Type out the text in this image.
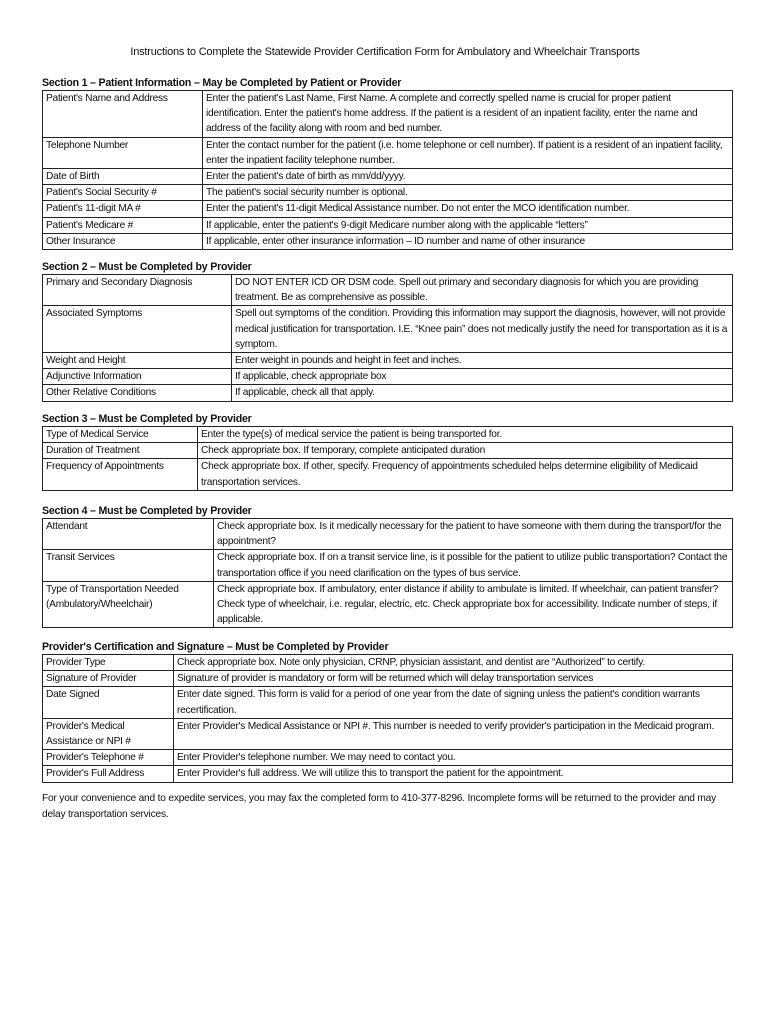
Instructions to Complete the Statewide Provider Certification Form for Ambulatory and Wheelchair Transports
Section 1 – Patient Information – May be Completed by Patient or Provider
Patient's Name and Address	Enter the patient's Last Name, First Name. A complete and correctly spelled name is crucial for proper patient identification. Enter the patient's home address. If the patient is a resident of an inpatient facility, enter the name and address of the facility along with room and bed number.
Telephone Number	Enter the contact number for the patient (i.e. home telephone or cell number). If patient is a resident of an inpatient facility, enter the inpatient facility telephone number.
Date of Birth	Enter the patient's date of birth as mm/dd/yyyy.
Patient's Social Security #	The patient's social security number is optional.
Patient's 11-digit MA #	Enter the patient's 11-digit Medical Assistance number. Do not enter the MCO identification number.
Patient's Medicare #	If applicable, enter the patient's 9-digit Medicare number along with the applicable “letters”
Other Insurance	If applicable, enter other insurance information – ID number and name of other insurance
Section 2 – Must be Completed by Provider
Primary and Secondary Diagnosis	DO NOT ENTER ICD OR DSM code. Spell out primary and secondary diagnosis for which you are providing treatment. Be as comprehensive as possible.
Associated Symptoms	Spell out symptoms of the condition. Providing this information may support the diagnosis, however, will not provide medical justification for transportation. I.E. “Knee pain” does not medically justify the need for transportation as it is a symptom.
Weight and Height	Enter weight in pounds and height in feet and inches.
Adjunctive Information	If applicable, check appropriate box
Other Relative Conditions	If applicable, check all that apply.
Section 3 – Must be Completed by Provider
Type of Medical Service	Enter the type(s) of medical service the patient is being transported for.
Duration of Treatment	Check appropriate box. If temporary, complete anticipated duration
Frequency of Appointments	Check appropriate box. If other, specify. Frequency of appointments scheduled helps determine eligibility of Medicaid transportation services.
Section 4 – Must be Completed by Provider
Attendant	Check appropriate box. Is it medically necessary for the patient to have someone with them during the transport/for the appointment?
Transit Services	Check appropriate box. If on a transit service line, is it possible for the patient to utilize public transportation? Contact the transportation office if you need clarification on the types of bus service.
Type of Transportation Needed (Ambulatory/Wheelchair)	Check appropriate box. If ambulatory, enter distance if ability to ambulate is limited. If wheelchair, can patient transfer? Check type of wheelchair, i.e. regular, electric, etc. Check appropriate box for accessibility. Indicate number of steps, if applicable.
Provider's Certification and Signature – Must be Completed by Provider
Provider Type	Check appropriate box. Note only physician, CRNP, physician assistant, and dentist are “Authorized” to certify.
Signature of Provider	Signature of provider is mandatory or form will be returned which will delay transportation services
Date Signed	Enter date signed. This form is valid for a period of one year from the date of signing unless the patient's condition warrants recertification.
Provider's Medical Assistance or NPI #	Enter Provider's Medical Assistance or NPI #. This number is needed to verify provider's participation in the Medicaid program.
Provider's Telephone #	Enter Provider's telephone number. We may need to contact you.
Provider's Full Address	Enter Provider's full address. We will utilize this to transport the patient for the appointment.
For your convenience and to expedite services, you may fax the completed form to 410-377-8296. Incomplete forms will be returned to the provider and may delay transportation services.
